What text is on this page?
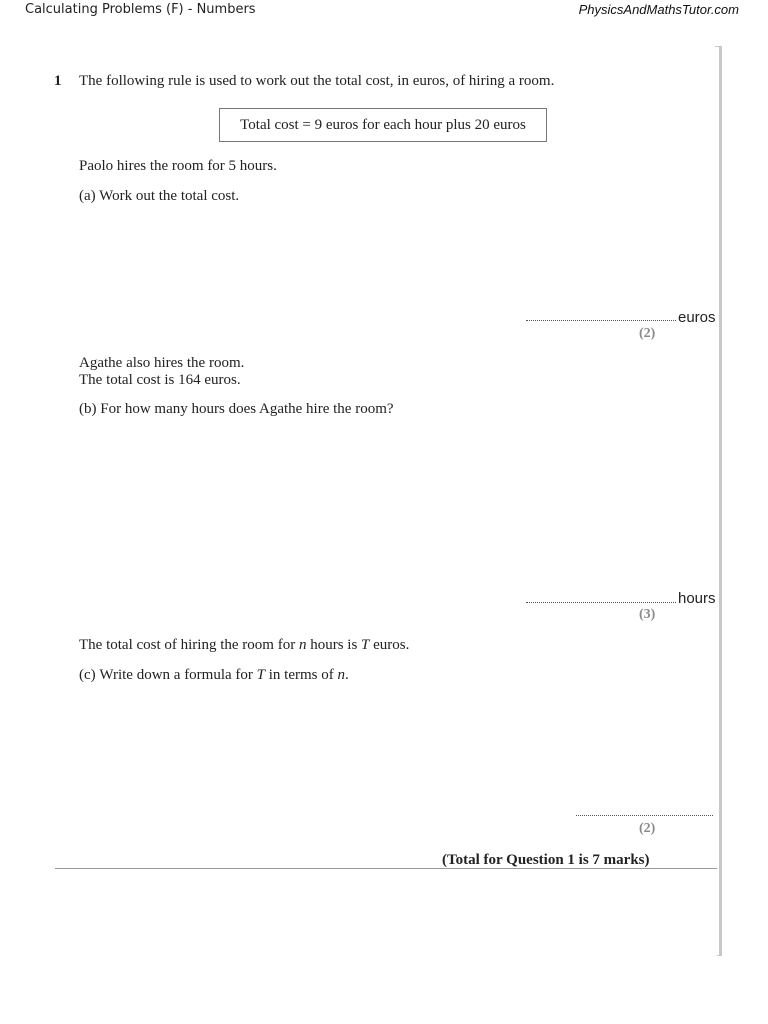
Calculating Problems (F) - Numbers	PhysicsAndMathsTutor.com
1 The following rule is used to work out the total cost, in euros, of hiring a room.
Total cost = 9 euros for each hour plus 20 euros
Paolo hires the room for 5 hours.
(a) Work out the total cost.
euros
(2)
Agathe also hires the room.
The total cost is 164 euros.
(b) For how many hours does Agathe hire the room?
hours
(3)
The total cost of hiring the room for n hours is T euros.
(c) Write down a formula for T in terms of n.
(2)
(Total for Question 1 is 7 marks)
